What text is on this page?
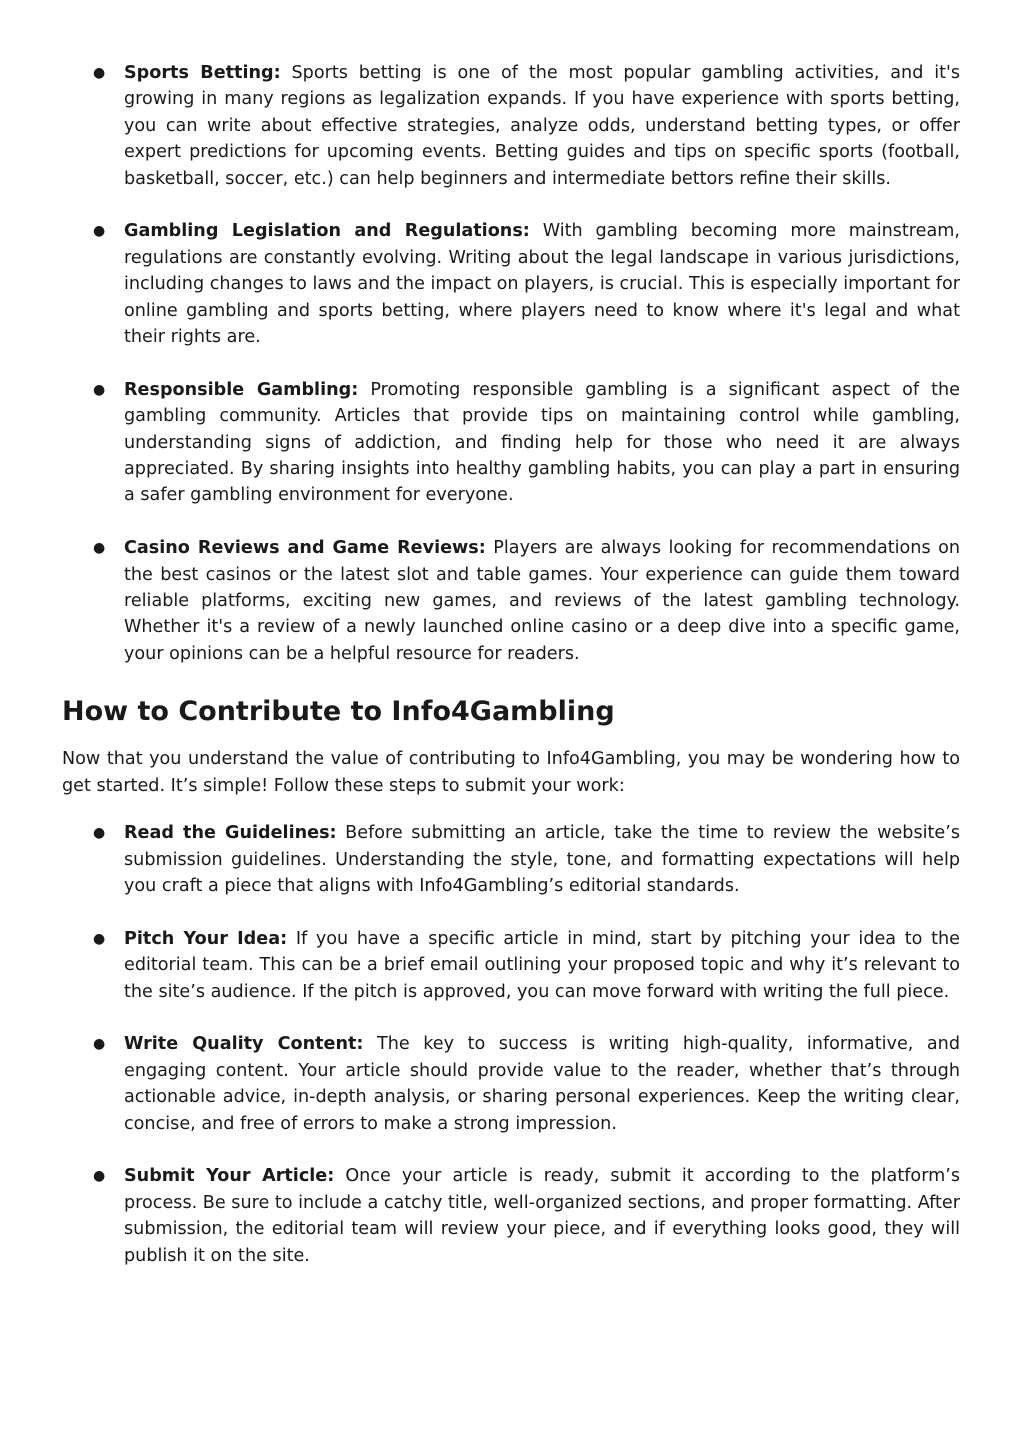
● Sports Betting: Sports betting is one of the most popular gambling activities, and it's growing in many regions as legalization expands. If you have experience with sports betting, you can write about effective strategies, analyze odds, understand betting types, or offer expert predictions for upcoming events. Betting guides and tips on specific sports (football, basketball, soccer, etc.) can help beginners and intermediate bettors refine their skills.
● Gambling Legislation and Regulations: With gambling becoming more mainstream, regulations are constantly evolving. Writing about the legal landscape in various jurisdictions, including changes to laws and the impact on players, is crucial. This is especially important for online gambling and sports betting, where players need to know where it's legal and what their rights are.
● Responsible Gambling: Promoting responsible gambling is a significant aspect of the gambling community. Articles that provide tips on maintaining control while gambling, understanding signs of addiction, and finding help for those who need it are always appreciated. By sharing insights into healthy gambling habits, you can play a part in ensuring a safer gambling environment for everyone.
● Casino Reviews and Game Reviews: Players are always looking for recommendations on the best casinos or the latest slot and table games. Your experience can guide them toward reliable platforms, exciting new games, and reviews of the latest gambling technology. Whether it's a review of a newly launched online casino or a deep dive into a specific game, your opinions can be a helpful resource for readers.
How to Contribute to Info4Gambling

Now that you understand the value of contributing to Info4Gambling, you may be wondering how to get started. It’s simple! Follow these steps to submit your work:

● Read the Guidelines: Before submitting an article, take the time to review the website’s submission guidelines. Understanding the style, tone, and formatting expectations will help you craft a piece that aligns with Info4Gambling’s editorial standards.
● Pitch Your Idea: If you have a specific article in mind, start by pitching your idea to the editorial team. This can be a brief email outlining your proposed topic and why it’s relevant to the site’s audience. If the pitch is approved, you can move forward with writing the full piece.
● Write Quality Content: The key to success is writing high-quality, informative, and engaging content. Your article should provide value to the reader, whether that’s through actionable advice, in-depth analysis, or sharing personal experiences. Keep the writing clear, concise, and free of errors to make a strong impression.
● Submit Your Article: Once your article is ready, submit it according to the platform’s process. Be sure to include a catchy title, well-organized sections, and proper formatting. After submission, the editorial team will review your piece, and if everything looks good, they will publish it on the site.
